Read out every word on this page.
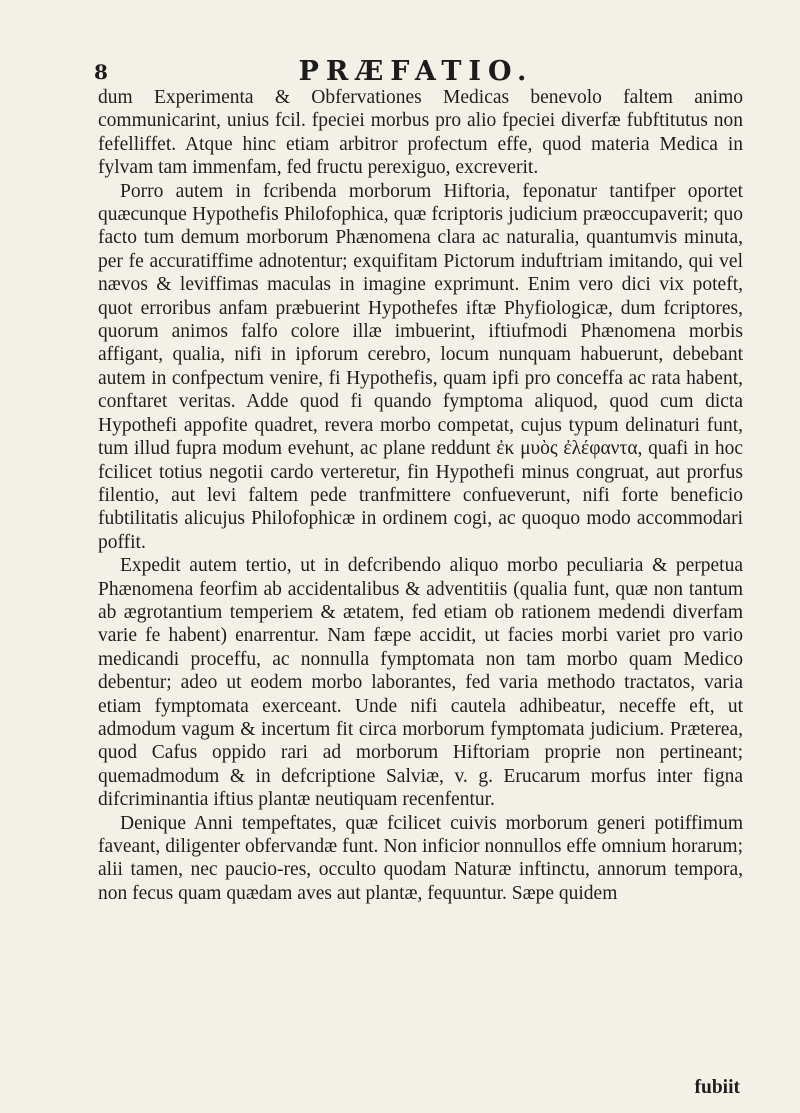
8	PRÆFATIO.

dum Experimenta & Obfervationes Medicas benevolo faltem animo communicarint, unius fcil. fpeciei morbus pro alio fpeciei diverfæ fubftitutus non fefelliffet. Atque hinc etiam arbitror profectum effe, quod materia Medica in fylvam tam immenfam, fed fructu perexiguo, excreverit.

Porro autem in fcribenda morborum Hiftoria, feponatur tantifper oportet quæcunque Hypothefis Philofophica, quæ fcriptoris judicium præoccupaverit; quo facto tum demum morborum Phænomena clara ac naturalia, quantumvis minuta, per fe accuratiffime adnotentur; exquifitam Pictorum induftriam imitando, qui vel nævos & leviffimas maculas in imagine exprimunt. Enim vero dici vix poteft, quot erroribus anfam præbuerint Hypothefes iftæ Phyfiologicæ, dum fcriptores, quorum animos falfo colore illæ imbuerint, iftiufmodi Phænomena morbis affigant, qualia, nifi in ipforum cerebro, locum nunquam habuerunt, debebant autem in confpectum venire, fi Hypothefis, quam ipfi pro conceffa ac rata habent, conftaret veritas. Adde quod fi quando fymptoma aliquod, quod cum dicta Hypothefi appofite quadret, revera morbo competat, cujus typum delinaturi funt, tum illud fupra modum evehunt, ac plane reddunt ἐκ μυὸς ἐλέφαντα, quafi in hoc fcilicet totius negotii cardo verteretur, fin Hypothefi minus congruat, aut prorfus filentio, aut levi faltem pede tranfmittere confueverunt, nifi forte beneficio fubtilitatis alicujus Philofophicæ in ordinem cogi, ac quoquo modo accommodari poffit.

Expedit autem tertio, ut in defcribendo aliquo morbo peculiaria & perpetua Phænomena feorfim ab accidentalibus & adventitiis (qualia funt, quæ non tantum ab ægrotantium temperiem & ætatem, fed etiam ob rationem medendi diverfam varie fe habent) enarrentur. Nam fæpe accidit, ut facies morbi variet pro vario medicandi proceffu, ac nonnulla fymptomata non tam morbo quam Medico debentur; adeo ut eodem morbo laborantes, fed varia methodo tractatos, varia etiam fymptomata exerceant. Unde nifi cautela adhibeatur, neceffe eft, ut admodum vagum & incertum fit circa morborum fymptomata judicium. Præterea, quod Cafus oppido rari ad morborum Hiftoriam proprie non pertineant; quemadmodum & in defcriptione Salviæ, v. g. Erucarum morfus inter figna difcriminantia iftius plantæ neutiquam recenfentur.

Denique Anni tempeftates, quæ fcilicet cuivis morborum generi potiffimum faveant, diligenter obfervandæ funt. Non inficior nonnullos effe omnium horarum; alii tamen, nec paucio-res, occulto quodam Naturæ inftinctu, annorum tempora, non fecus quam quædam aves aut plantæ, fequuntur. Sæpe quidem

fubiit
